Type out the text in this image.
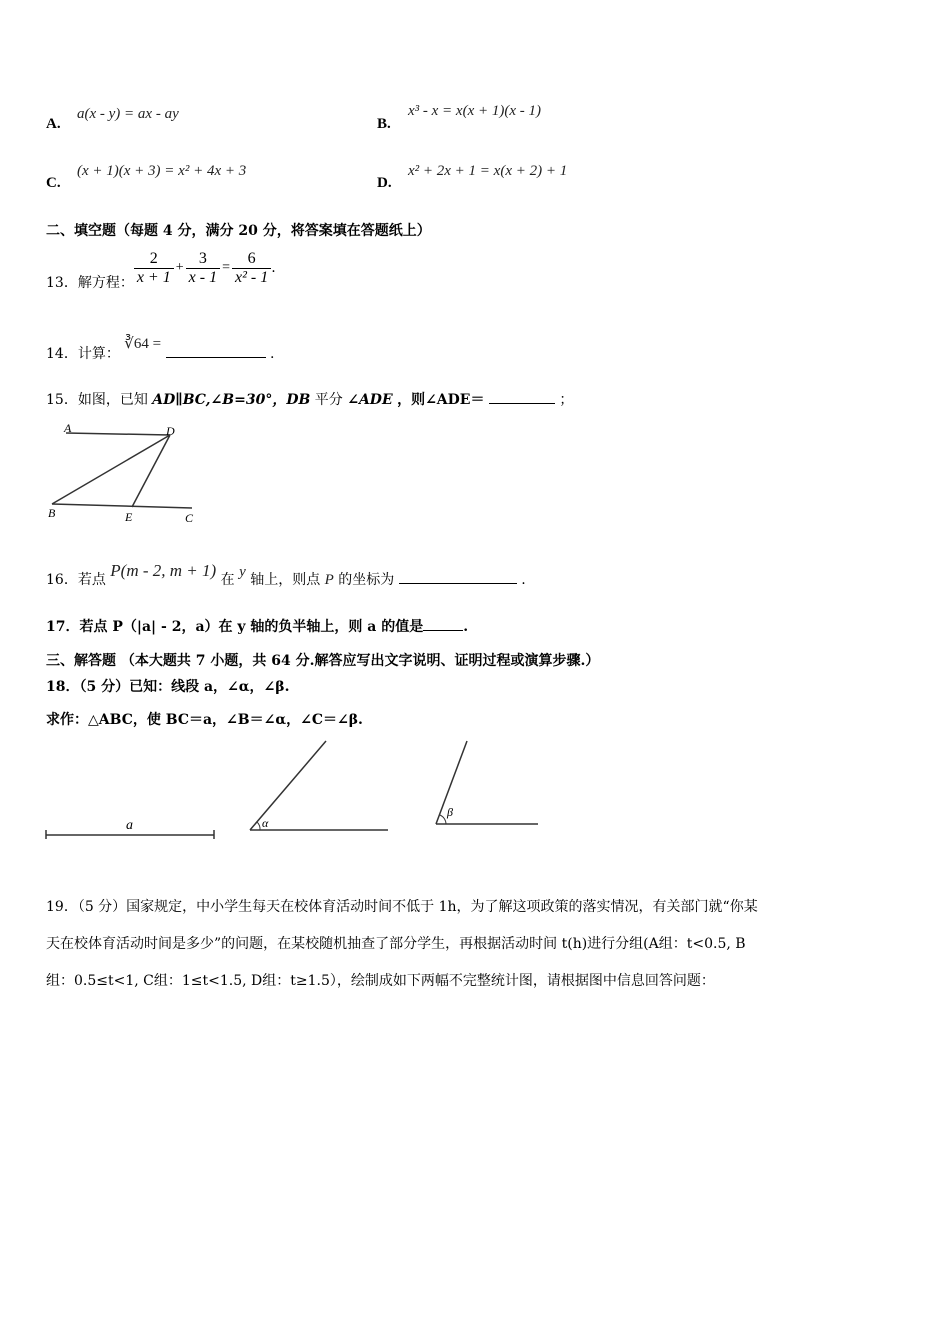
A.
a(x - y) = ax - ay
B.
x³ - x = x(x + 1)(x - 1)
C.
(x + 1)(x + 3) = x² + 4x + 3
D.
x² + 2x + 1 = x(x + 2) + 1
二、填空题（每题 4 分，满分 20 分，将答案填在答题纸上）
13．解方程： $\frac{2}{x + 1} + \frac{3}{x - 1} = \frac{6}{\text{x² - 1}}$ .
14．计算： ∛64 =  .
15．如图，已知 AD∥BC,∠B=30°，DB 平分 ∠ADE ，则∠ADE＝	；
A	D
B	E	C
16．若点 P(m - 2, m + 1) 在 y 轴上，则点 P 的坐标为	.
17．若点 P（|a| - 2，a）在 y 轴的负半轴上，则 a 的值是	.
三、解答题 （本大题共 7 小题，共 64 分.解答应写出文字说明、证明过程或演算步骤.）
18．（5 分）已知：线段 a，∠α，∠β.
求作：△ABC，使 BC＝a，∠B＝∠α，∠C＝∠β.
a	α
β
19．（5 分）国家规定，中小学生每天在校体育活动时间不低于 1h，为了解这项政策的落实情况，有关部门就“你某
天在校体育活动时间是多少”的问题，在某校随机抽查了部分学生，再根据活动时间 t(h)进行分组(A组：t<0.5, B
组：0.5≤t<1, C组：1≤t<1.5, D组：t≥1.5），绘制成如下两幅不完整统计图，请根据图中信息回答问题：
